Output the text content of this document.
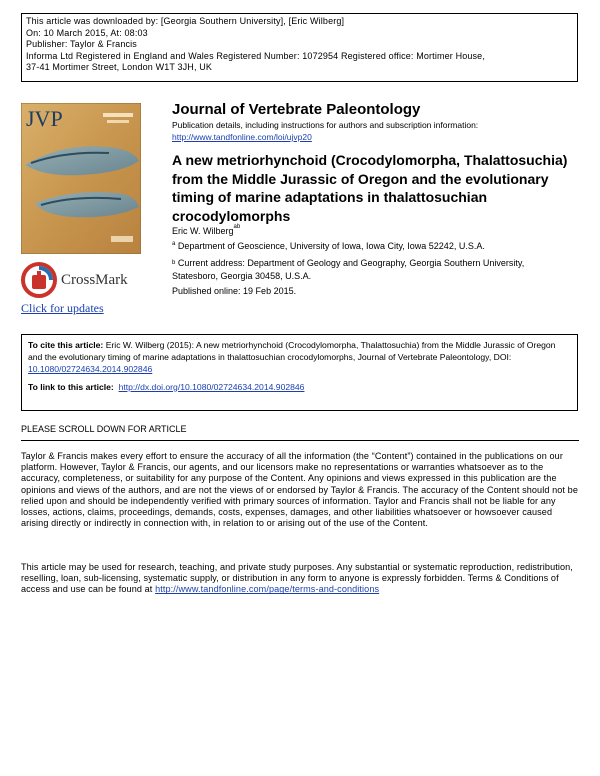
This article was downloaded by: [Georgia Southern University], [Eric Wilberg]
On: 10 March 2015, At: 08:03
Publisher: Taylor & Francis
Informa Ltd Registered in England and Wales Registered Number: 1072954 Registered office: Mortimer House,
37-41 Mortimer Street, London W1T 3JH, UK
JVP
CrossMark
Click for updates
Journal of Vertebrate Paleontology
Publication details, including instructions for authors and subscription information:
http://www.tandfonline.com/loi/ujvp20
A new metriorhynchoid (Crocodylomorpha, Thalattosuchia) from the Middle Jurassic of Oregon and the evolutionary timing of marine adaptations in thalattosuchian crocodylomorphs
Eric W. Wilberg$^{ab}$
$^a$ Department of Geoscience, University of Iowa, Iowa City, Iowa 52242, U.S.A.
$^b$ Current address: Department of Geology and Geography, Georgia Southern University, Statesboro, Georgia 30458, U.S.A.
Published online: 19 Feb 2015.
To cite this article: Eric W. Wilberg (2015): A new metriorhynchoid (Crocodylomorpha, Thalattosuchia) from the Middle Jurassic of Oregon and the evolutionary timing of marine adaptations in thalattosuchian crocodylomorphs, Journal of Vertebrate Paleontology, DOI: 10.1080/02724634.2014.902846
To link to this article: http://dx.doi.org/10.1080/02724634.2014.902846
PLEASE SCROLL DOWN FOR ARTICLE
Taylor & Francis makes every effort to ensure the accuracy of all the information (the “Content”) contained in the publications on our platform. However, Taylor & Francis, our agents, and our licensors make no representations or warranties whatsoever as to the accuracy, completeness, or suitability for any purpose of the Content. Any opinions and views expressed in this publication are the opinions and views of the authors, and are not the views of or endorsed by Taylor & Francis. The accuracy of the Content should not be relied upon and should be independently verified with primary sources of information. Taylor and Francis shall not be liable for any losses, actions, claims, proceedings, demands, costs, expenses, damages, and other liabilities whatsoever or howsoever caused arising directly or indirectly in connection with, in relation to or arising out of the use of the Content.
This article may be used for research, teaching, and private study purposes. Any substantial or systematic reproduction, redistribution, reselling, loan, sub-licensing, systematic supply, or distribution in any form to anyone is expressly forbidden. Terms & Conditions of access and use can be found at http://www.tandfonline.com/page/terms-and-conditions
